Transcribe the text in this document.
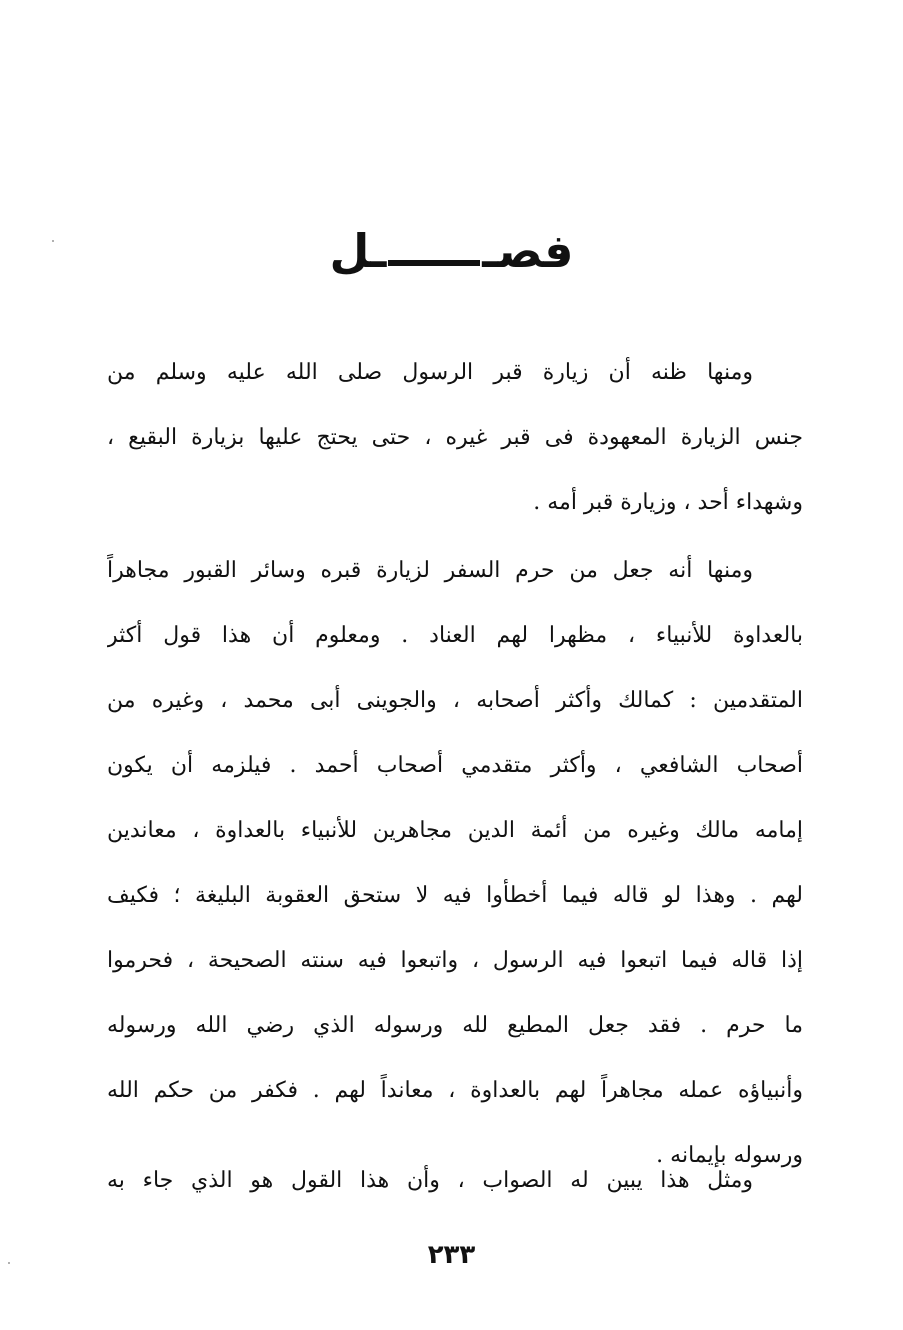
فصـ
ـل
ومنها ظنه أن زيارة قبر الرسول صلى الله عليه وسلم من
جنس الزيارة المعهودة فى قبر غيره ، حتى يحتج عليها بزيارة البقيع ،
وشهداء أحد ، وزيارة قبر أمه .
ومنها أنه جعل من حرم السفر لزيارة قبره وسائر القبور مجاهراً
بالعداوة للأنبياء ، مظهرا لهم العناد . ومعلوم أن هذا قول أكثر
المتقدمين : كمالك وأكثر أصحابه ، والجوينى أبى محمد ، وغيره من
أصحاب الشافعي ، وأكثر متقدمي أصحاب أحمد . فيلزمه أن يكون
إمامه مالك وغيره من أئمة الدين مجاهرين للأنبياء بالعداوة ، معاندين
لهم . وهذا لو قاله فيما أخطأوا فيه لا ستحق العقوبة البليغة ؛ فكيف
إذا قاله فيما اتبعوا فيه الرسول ، واتبعوا فيه سنته الصحيحة ، فحرموا
ما حرم . فقد جعل المطيع لله ورسوله الذي رضي الله ورسوله
وأنبياؤه عمله مجاهراً لهم بالعداوة ، معانداً لهم . فكفر من حكم الله
ورسوله بإيمانه .
ومثل هذا يبين له الصواب ، وأن هذا القول هو الذي جاء به
٢٣٣
